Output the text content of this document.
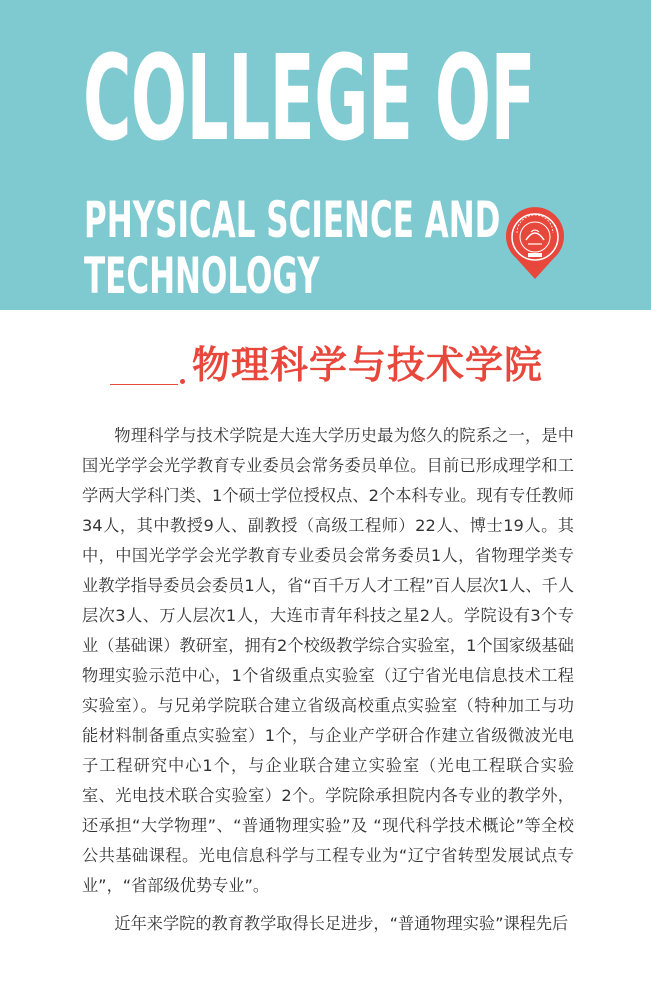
COLLEGE OF
PHYSICAL SCIENCE AND
TECHNOLOGY
物理科学与技术学院

物理科学与技术学院是大连大学历史最为悠久的院系之一，是中国光学学会光学教育专业委员会常务委员单位。目前已形成理学和工学两大学科门类、1个硕士学位授权点、2个本科专业。现有专任教师34人，其中教授9人、副教授（高级工程师）22人、博士19人。其中，中国光学学会光学教育专业委员会常务委员1人，省物理学类专业教学指导委员会委员1人，省“百千万人才工程”百人层次1人、千人层次3人、万人层次1人，大连市青年科技之星2人。学院设有3个专业（基础课）教研室，拥有2个校级教学综合实验室，1个国家级基础物理实验示范中心，1个省级重点实验室（辽宁省光电信息技术工程实验室）。与兄弟学院联合建立省级高校重点实验室（特种加工与功能材料制备重点实验室）1个，与企业产学研合作建立省级微波光电子工程研究中心1个，与企业联合建立实验室（光电工程联合实验室、光电技术联合实验室）2个。学院除承担院内各专业的教学外，还承担“大学物理”、“普通物理实验”及 “现代科学技术概论”等全校公共基础课程。光电信息科学与工程专业为“辽宁省转型发展试点专业”，“省部级优势专业”。

近年来学院的教育教学取得长足进步，“普通物理实验”课程先后
